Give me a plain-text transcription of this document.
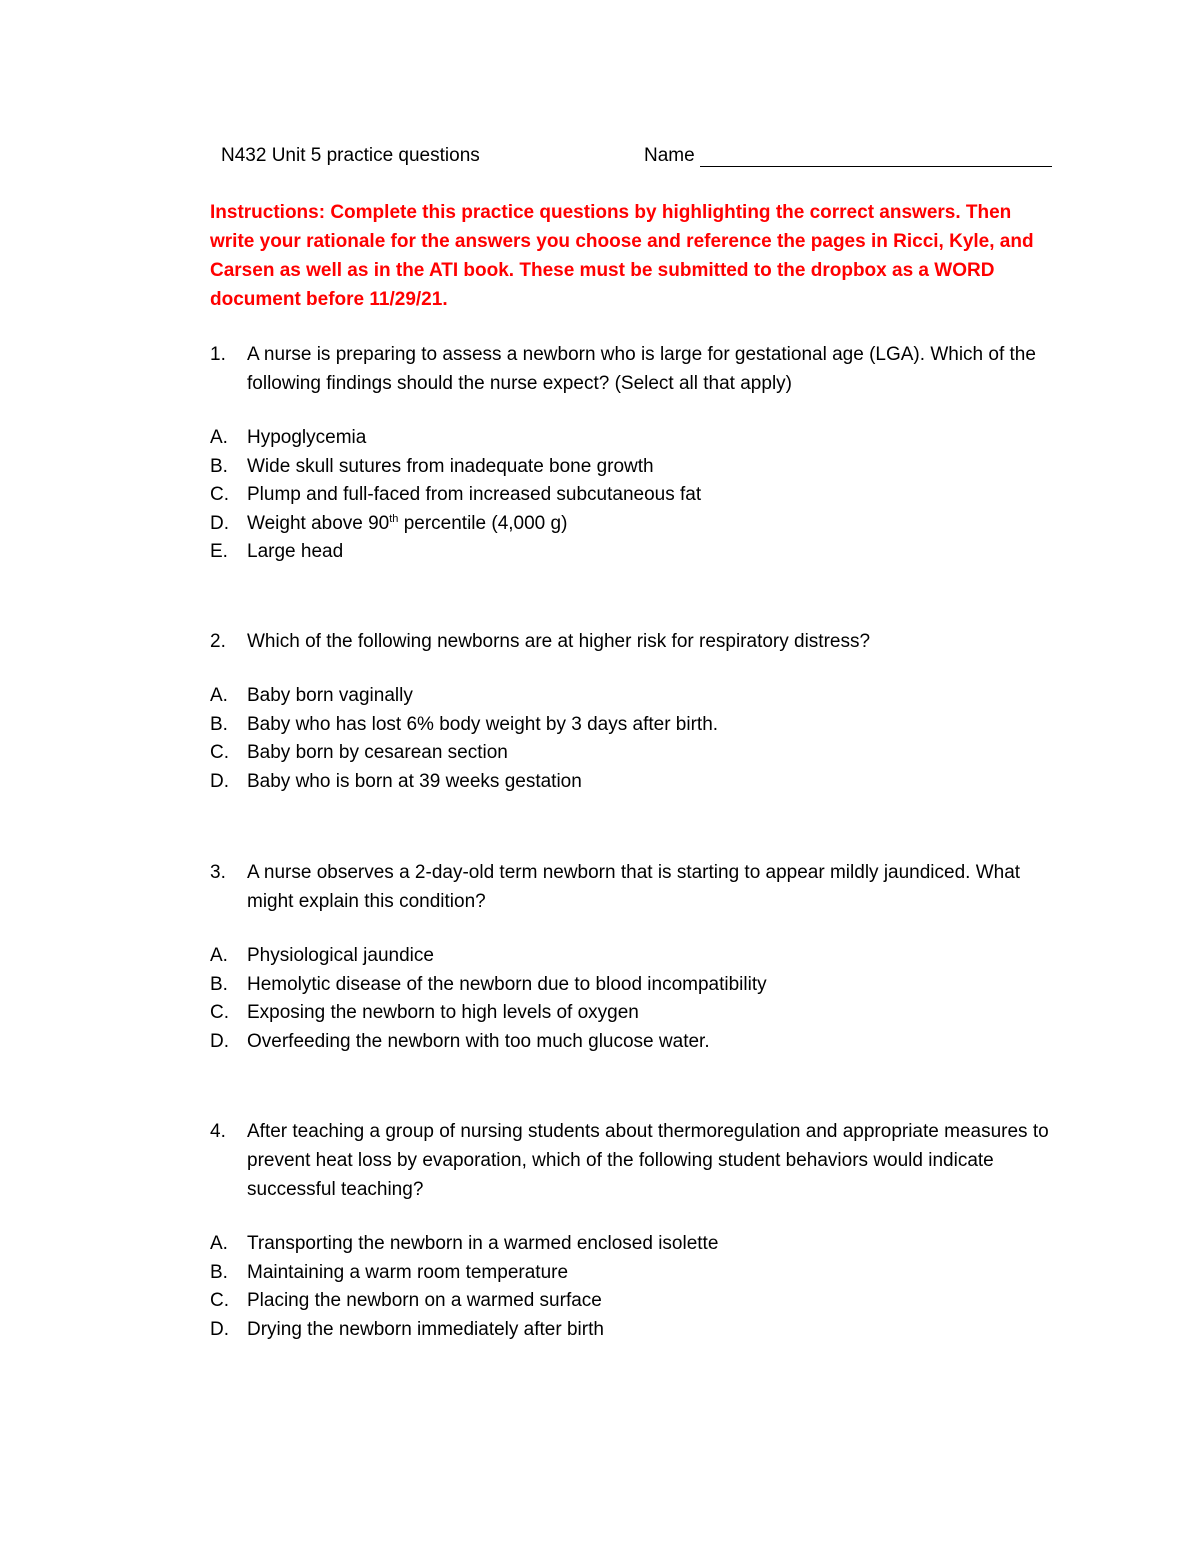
N432 Unit 5 practice questions	Name
Instructions: Complete this practice questions by highlighting the correct answers. Then write your rationale for the answers you choose and reference the pages in Ricci, Kyle, and Carsen as well as in the ATI book. These must be submitted to the dropbox as a WORD document before 11/29/21.
1.	A nurse is preparing to assess a newborn who is large for gestational age (LGA). Which of the following findings should the nurse expect? (Select all that apply)
A.	Hypoglycemia
B.	Wide skull sutures from inadequate bone growth
C. Plump and full-faced from increased subcutaneous fat
D. Weight above 90th percentile (4,000 g)
E.	Large head
2.	Which of the following newborns are at higher risk for respiratory distress?
A.	Baby born vaginally
B.	Baby who has lost 6% body weight by 3 days after birth.
C. Baby born by cesarean section
D. Baby who is born at 39 weeks gestation
3.	A nurse observes a 2-day-old term newborn that is starting to appear mildly jaundiced. What might explain this condition?
A.	Physiological jaundice
B.	Hemolytic disease of the newborn due to blood incompatibility
C. Exposing the newborn to high levels of oxygen
D. Overfeeding the newborn with too much glucose water.
4.	After teaching a group of nursing students about thermoregulation and appropriate measures to prevent heat loss by evaporation, which of the following student behaviors would indicate successful teaching?
A.	Transporting the newborn in a warmed enclosed isolette
B.	Maintaining a warm room temperature
C. Placing the newborn on a warmed surface
D. Drying the newborn immediately after birth
